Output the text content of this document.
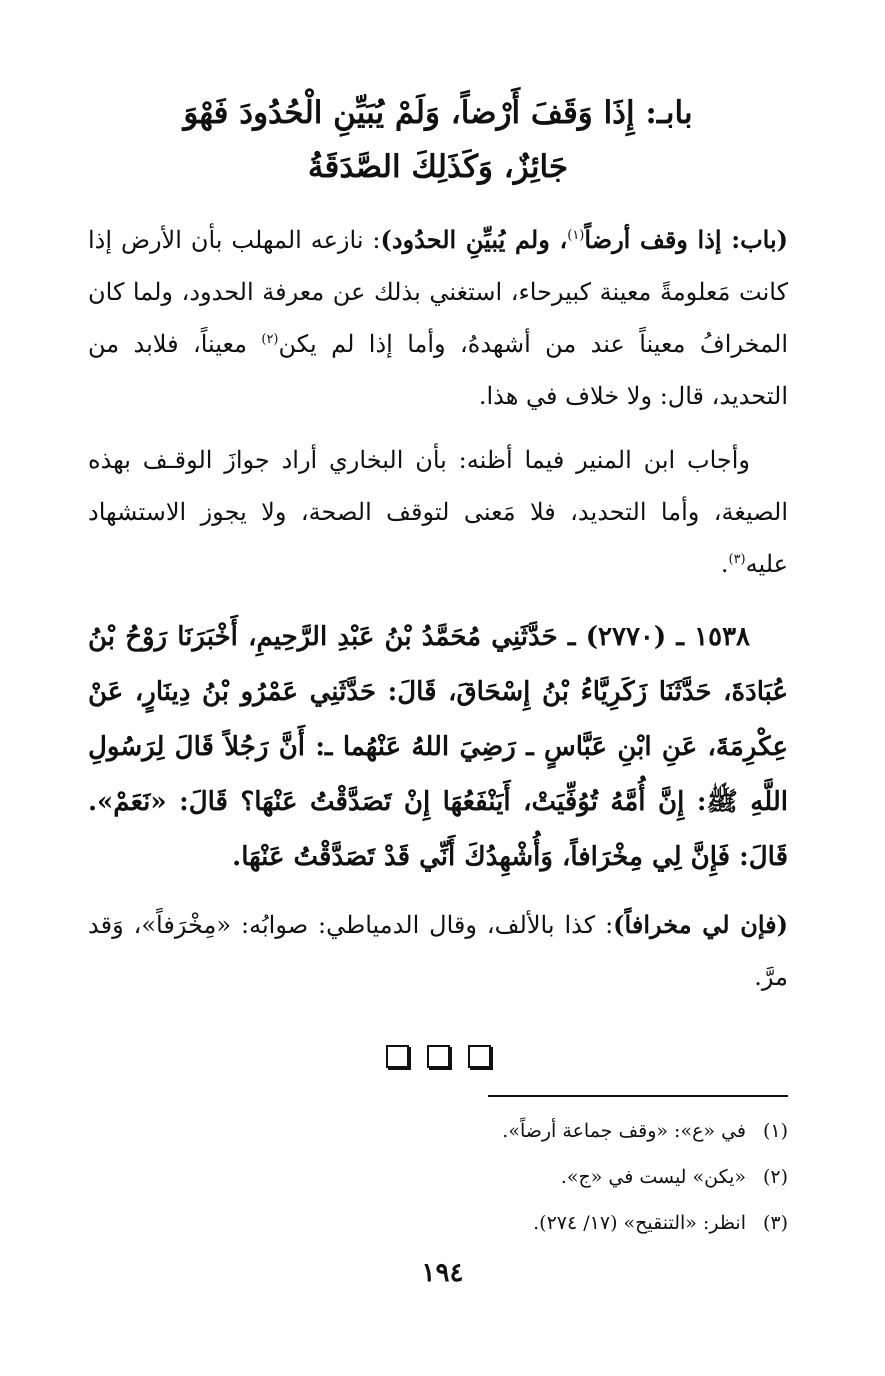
بابـ: إِذَا وَقَفَ أَرْضاً، وَلَمْ يُبَيِّنِ الْحُدُودَ فَهْوَ
جَائِزٌ، وَكَذَلِكَ الصَّدَقَةُ

(باب: إذا وقف أرضاً$^{(١)}$، ولم يُبيِّنِ الحدُود): نازعه المهلب بأن الأرض إذا كانت مَعلومةً معينة كبيرحاء، استغني بذلك عن معرفة الحدود، ولما كان المخرافُ معيناً عند من أشهدهُ، وأما إذا لم يكن$^{(٢)}$ معيناً، فلابد من التحديد، قال: ولا خلاف في هذا.

وأجاب ابن المنير فيما أظنه: بأن البخاري أراد جوازَ الوقـف بهذه الصيغة، وأما التحديد، فلا مَعنى لتوقف الصحة، ولا يجوز الاستشهاد عليه$^{(٣)}$.

١٥٣٨ ـ (٢٧٧٠) ـ حَدَّثَنِي مُحَمَّدُ بْنُ عَبْدِ الرَّحِيمِ، أَخْبَرَنَا رَوْحُ بْنُ عُبَادَةَ، حَدَّثَنَا زَكَرِيَّاءُ بْنُ إِسْحَاقَ، قَالَ: حَدَّثَنِي عَمْرُو بْنُ دِينَارٍ، عَنْ عِكْرِمَةَ، عَنِ ابْنِ عَبَّاسٍ ـ رَضِيَ اللهُ عَنْهُما ـ: أَنَّ رَجُلاً قَالَ لِرَسُولِ اللَّهِ ﷺ: إِنَّ أُمَّهُ تُوُفِّيَتْ، أَيَنْفَعُهَا إِنْ تَصَدَّقْتُ عَنْهَا؟ قَالَ: «نَعَمْ». قَالَ: فَإِنَّ لِي مِخْرَافاً، وَأُشْهِدُكَ أَنِّي قَدْ تَصَدَّقْتُ عَنْهَا.

(فإن لي مخرافاً): كذا بالألف، وقال الدمياطي: صوابُه: «مِخْرَفاً»، وَقد مرَّ.

(١)في «ع»: «وقف جماعة أرضاً».
(٢)«يكن» ليست في «ج».
(٣)انظر: «التنقيح» (١٧/ ٢٧٤).
١٩٤
